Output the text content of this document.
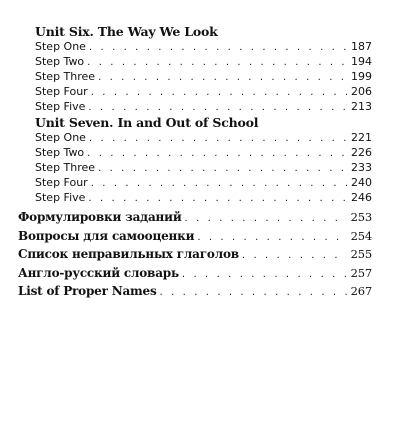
Unit Six. The Way We Look
Step One . . .	187
Step Two . . .	194
Step Three . . .	199
Step Four . . .	206
Step Five . . .	213
Unit Seven. In and Out of School
Step One . . .	221
Step Two . . .	226
Step Three . . .	233
Step Four . . .	240
Step Five . . .	246
Формулировки заданий . . .	253
Вопросы для самооценки . . .	254
Список неправильных глаголов . . .	255
Англо-русский словарь . . .	257
List of Proper Names . . .	267
